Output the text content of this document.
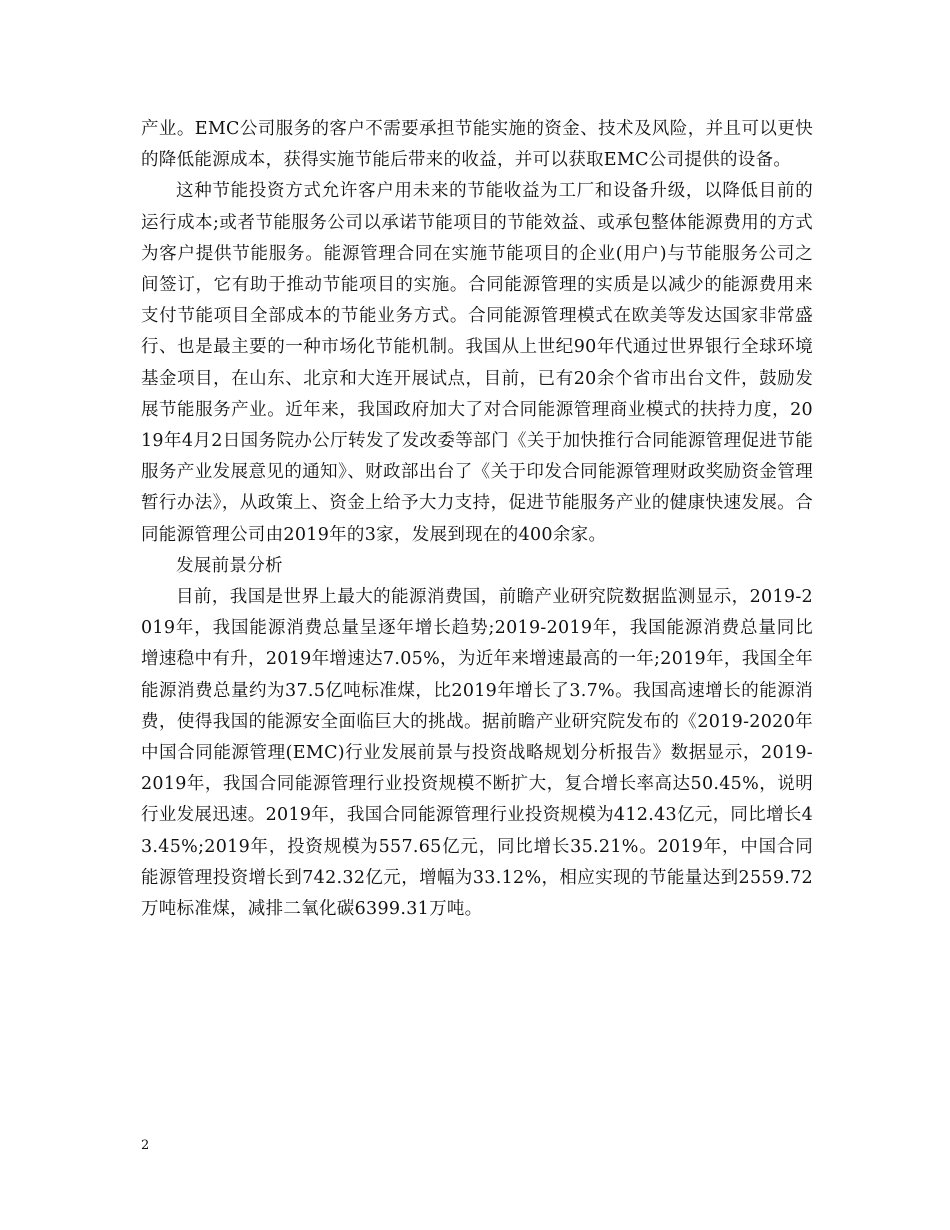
产业。EMC公司服务的客户不需要承担节能实施的资金、技术及风险，并且可以更快的降低能源成本，获得实施节能后带来的收益，并可以获取EMC公司提供的设备。

这种节能投资方式允许客户用未来的节能收益为工厂和设备升级，以降低目前的运行成本;或者节能服务公司以承诺节能项目的节能效益、或承包整体能源费用的方式为客户提供节能服务。能源管理合同在实施节能项目的企业(用户)与节能服务公司之间签订，它有助于推动节能项目的实施。合同能源管理的实质是以减少的能源费用来支付节能项目全部成本的节能业务方式。合同能源管理模式在欧美等发达国家非常盛行、也是最主要的一种市场化节能机制。我国从上世纪90年代通过世界银行全球环境基金项目，在山东、北京和大连开展试点，目前，已有20余个省市出台文件，鼓励发展节能服务产业。近年来，我国政府加大了对合同能源管理商业模式的扶持力度，2019年4月2日国务院办公厅转发了发改委等部门《关于加快推行合同能源管理促进节能服务产业发展意见的通知》、财政部出台了《关于印发合同能源管理财政奖励资金管理暂行办法》，从政策上、资金上给予大力支持，促进节能服务产业的健康快速发展。合同能源管理公司由2019年的3家，发展到现在的400余家。

发展前景分析

目前，我国是世界上最大的能源消费国，前瞻产业研究院数据监测显示，2019-2019年，我国能源消费总量呈逐年增长趋势;2019-2019年，我国能源消费总量同比增速稳中有升，2019年增速达7.05%，为近年来增速最高的一年;2019年，我国全年能源消费总量约为37.5亿吨标准煤，比2019年增长了3.7%。我国高速增长的能源消费，使得我国的能源安全面临巨大的挑战。据前瞻产业研究院发布的《2019-2020年中国合同能源管理(EMC)行业发展前景与投资战略规划分析报告》数据显示，2019-2019年，我国合同能源管理行业投资规模不断扩大，复合增长率高达50.45%，说明行业发展迅速。2019年，我国合同能源管理行业投资规模为412.43亿元，同比增长43.45%;2019年，投资规模为557.65亿元，同比增长35.21%。2019年，中国合同能源管理投资增长到742.32亿元，增幅为33.12%，相应实现的节能量达到2559.72万吨标准煤，减排二氧化碳6399.31万吨。

2
